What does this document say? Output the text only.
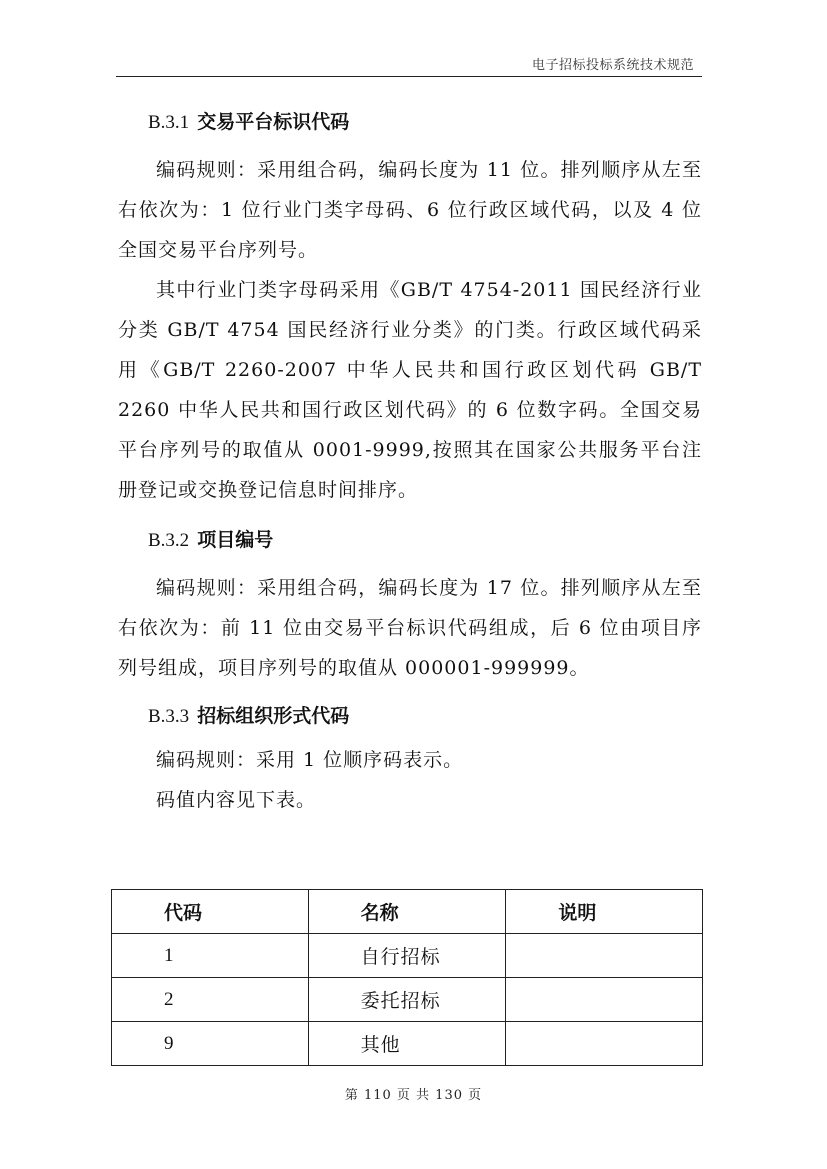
电子招标投标系统技术规范
B.3.1 交易平台标识代码

编码规则：采用组合码，编码长度为 11 位。排列顺序从左至右依次为：1 位行业门类字母码、6 位行政区域代码，以及 4 位全国交易平台序列号。

其中行业门类字母码采用《GB/T 4754-2011 国民经济行业分类 GB/T 4754 国民经济行业分类》的门类。行政区域代码采用《GB/T 2260-2007 中华人民共和国行政区划代码 GB/T 2260 中华人民共和国行政区划代码》的 6 位数字码。全国交易平台序列号的取值从 0001-9999,按照其在国家公共服务平台注册登记或交换登记信息时间排序。

B.3.2 项目编号

编码规则：采用组合码，编码长度为 17 位。排列顺序从左至右依次为：前 11 位由交易平台标识代码组成，后 6 位由项目序列号组成，项目序列号的取值从 000001-999999。

B.3.3 招标组织形式代码

编码规则：采用 1 位顺序码表示。

码值内容见下表。

代码	名称	说明
1	自行招标	
2	委托招标	
9	其他	
第 110 页 共 130 页
